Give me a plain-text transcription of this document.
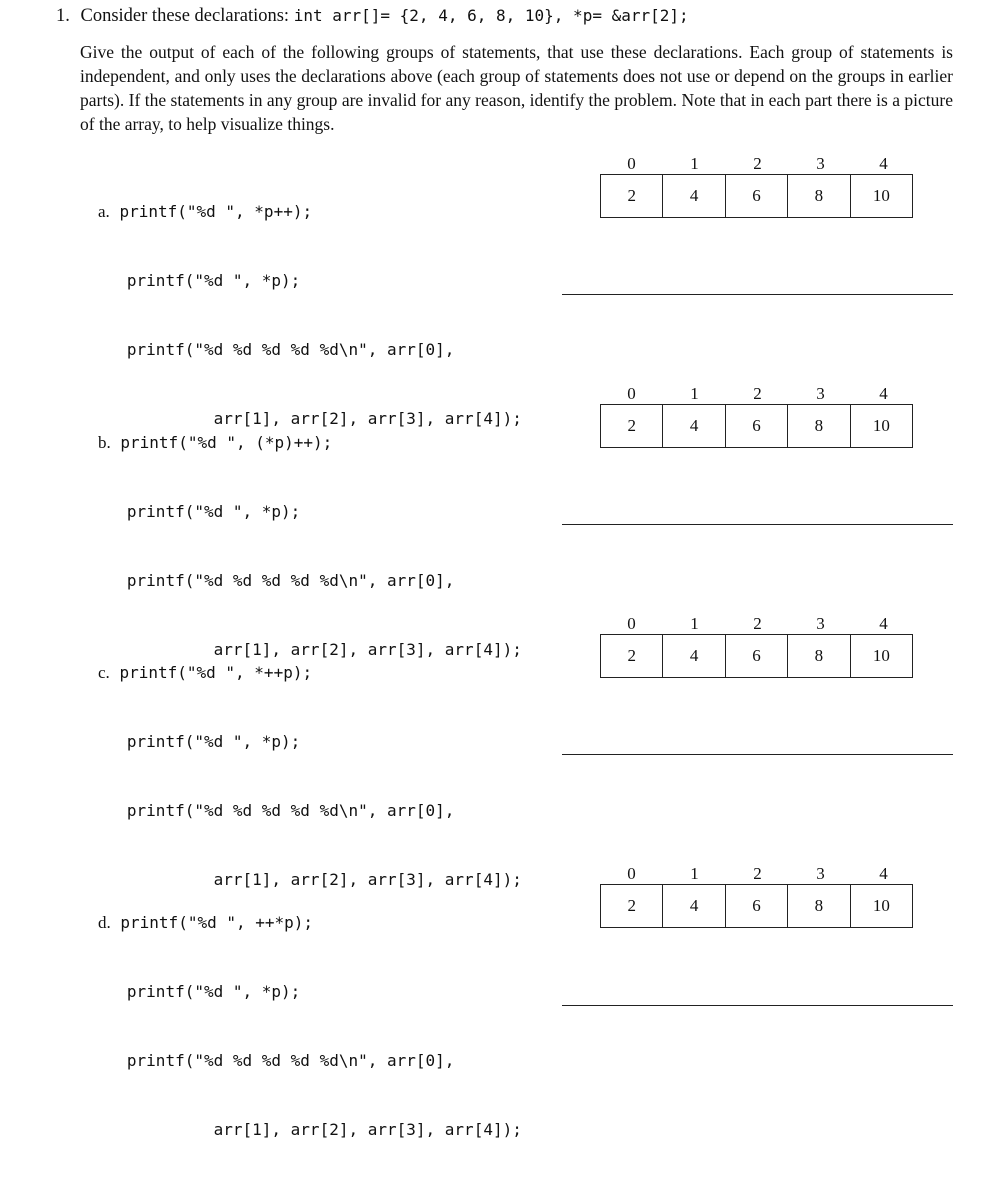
1. Consider these declarations: int arr[]= {2, 4, 6, 8, 10}, *p= &arr[2];
Give the output of each of the following groups of statements, that use these declarations. Each group of statements is independent, and only uses the declarations above (each group of statements does not use or depend on the groups in earlier parts). If the statements in any group are invalid for any reason, identify the problem. Note that in each part there is a picture of the array, to help visualize things.

a. printf("%d ", *p++);

printf("%d ", *p);

printf("%d %d %d %d %d\n", arr[0],

arr[1], arr[2], arr[3], arr[4]);

0	1	2	3	4
2	4	6	8	10

b. printf("%d ", (*p)++);

printf("%d ", *p);

printf("%d %d %d %d %d\n", arr[0],

arr[1], arr[2], arr[3], arr[4]);

0	1	2	3	4
2	4	6	8	10

c. printf("%d ", *++p);

printf("%d ", *p);

printf("%d %d %d %d %d\n", arr[0],

arr[1], arr[2], arr[3], arr[4]);

0	1	2	3	4
2	4	6	8	10

d. printf("%d ", ++*p);

printf("%d ", *p);

printf("%d %d %d %d %d\n", arr[0],

arr[1], arr[2], arr[3], arr[4]);

0	1	2	3	4
2	4	6	8	10
